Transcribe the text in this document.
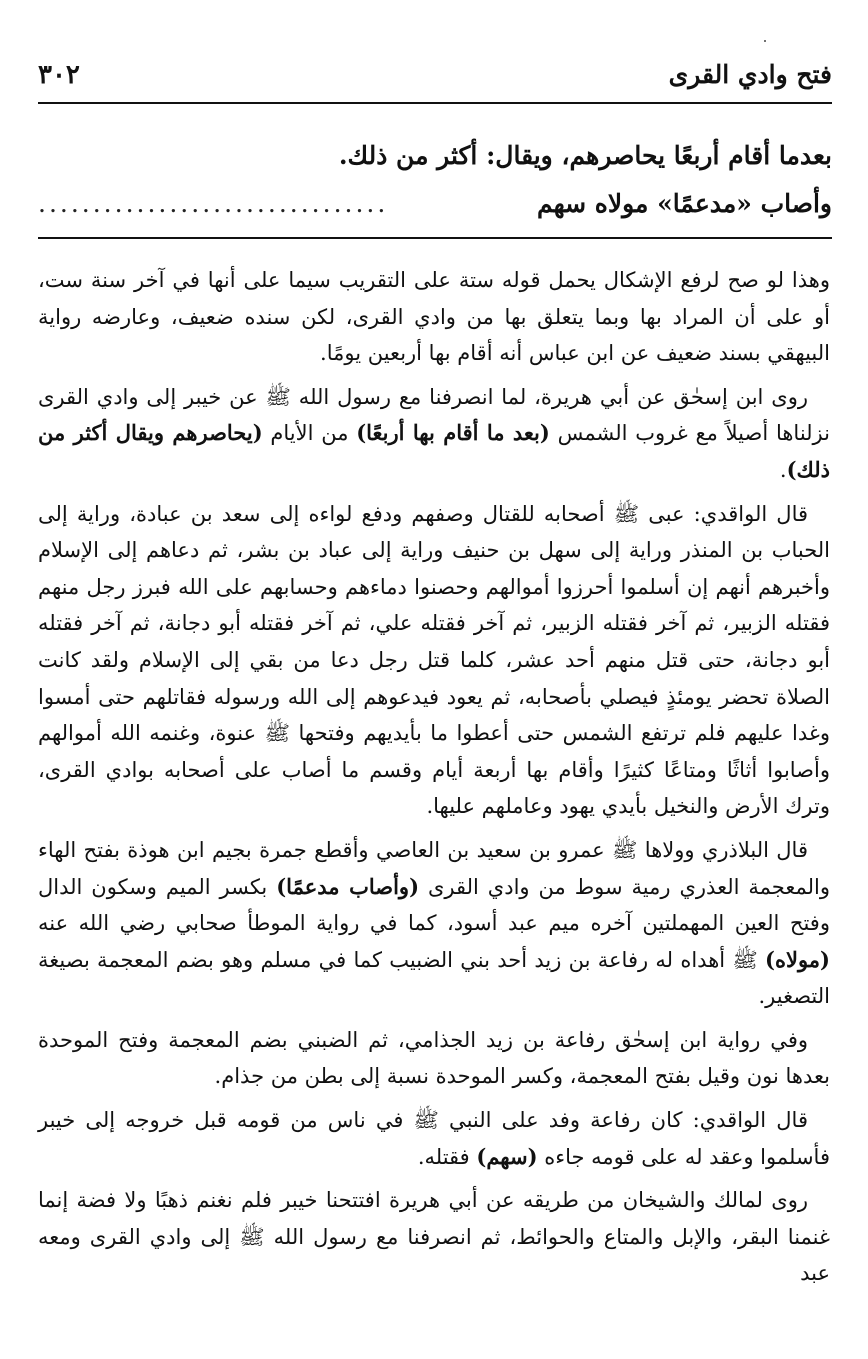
٣٠٢	فتح وادي القرى
بعدما أقام أربعًا يحاصرهم، ويقال: أكثر من ذلك.
وأصاب «مدعمًا» مولاه سهم
................................

وهذا لو صح لرفع الإشكال يحمل قوله ستة على التقريب سيما على أنها في آخر سنة ست، أو على أن المراد بها وبما يتعلق بها من وادي القرى، لكن سنده ضعيف، وعارضه رواية البيهقي بسند ضعيف عن ابن عباس أنه أقام بها أربعين يومًا.

روى ابن إسحٰق عن أبي هريرة، لما انصرفنا مع رسول الله ﷺ عن خيبر إلى وادي القرى نزلناها أصيلاً مع غروب الشمس (بعد ما أقام بها أربعًا) من الأيام (يحاصرهم ويقال أكثر من ذلك).

قال الواقدي: عبى ﷺ أصحابه للقتال وصفهم ودفع لواءه إلى سعد بن عبادة، وراية إلى الحباب بن المنذر وراية إلى سهل بن حنيف وراية إلى عباد بن بشر، ثم دعاهم إلى الإسلام وأخبرهم أنهم إن أسلموا أحرزوا أموالهم وحصنوا دماءهم وحسابهم على الله فبرز رجل منهم فقتله الزبير، ثم آخر فقتله الزبير، ثم آخر فقتله علي، ثم آخر فقتله أبو دجانة، ثم آخر فقتله أبو دجانة، حتى قتل منهم أحد عشر، كلما قتل رجل دعا من بقي إلى الإسلام ولقد كانت الصلاة تحضر يومئذٍ فيصلي بأصحابه، ثم يعود فيدعوهم إلى الله ورسوله فقاتلهم حتى أمسوا وغدا عليهم فلم ترتفع الشمس حتى أعطوا ما بأيديهم وفتحها ﷺ عنوة، وغنمه الله أموالهم وأصابوا أثاثًا ومتاعًا كثيرًا وأقام بها أربعة أيام وقسم ما أصاب على أصحابه بوادي القرى، وترك الأرض والنخيل بأيدي يهود وعاملهم عليها.

قال البلاذري وولاها ﷺ عمرو بن سعيد بن العاصي وأقطع جمرة بجيم ابن هوذة بفتح الهاء والمعجمة العذري رمية سوط من وادي القرى (وأصاب مدعمًا) بكسر الميم وسكون الدال وفتح العين المهملتين آخره ميم عبد أسود، كما في رواية الموطأ صحابي رضي الله عنه (مولاه) ﷺ أهداه له رفاعة بن زيد أحد بني الضبيب كما في مسلم وهو بضم المعجمة بصيغة التصغير.

وفي رواية ابن إسحٰق رفاعة بن زيد الجذامي، ثم الضبني بضم المعجمة وفتح الموحدة بعدها نون وقيل بفتح المعجمة، وكسر الموحدة نسبة إلى بطن من جذام.

قال الواقدي: كان رفاعة وفد على النبي ﷺ في ناس من قومه قبل خروجه إلى خيبر فأسلموا وعقد له على قومه جاءه (سهم) فقتله.

روى لمالك والشيخان من طريقه عن أبي هريرة افتتحنا خيبر فلم نغنم ذهبًا ولا فضة إنما غنمنا البقر، والإبل والمتاع والحوائط، ثم انصرفنا مع رسول الله ﷺ إلى وادي القرى ومعه عبد
